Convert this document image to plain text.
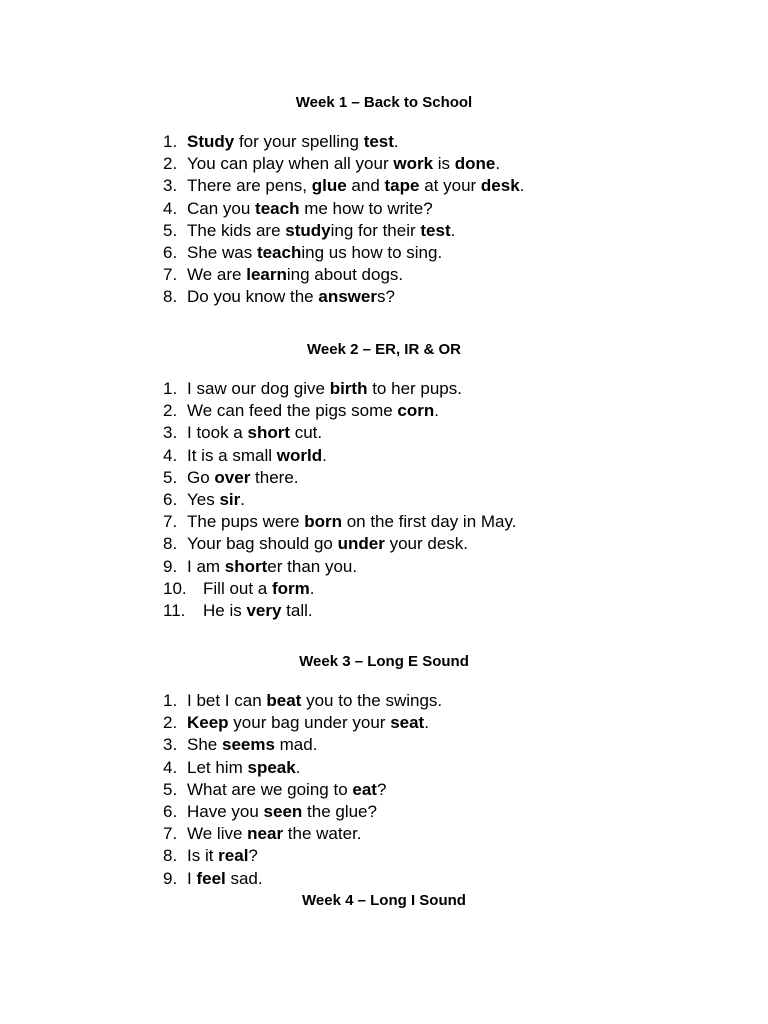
Week 1 – Back to School
1. Study for your spelling test.
2. You can play when all your work is done.
3. There are pens, glue and tape at your desk.
4. Can you teach me how to write?
5. The kids are studying for their test.
6. She was teaching us how to sing.
7. We are learning about dogs.
8. Do you know the answers?
Week 2 – ER, IR & OR
1. I saw our dog give birth to her pups.
2. We can feed the pigs some corn.
3. I took a short cut.
4. It is a small world.
5. Go over there.
6. Yes sir.
7. The pups were born on the first day in May.
8. Your bag should go under your desk.
9. I am shorter than you.
10. Fill out a form.
11.	He is very tall.
Week 3 – Long E Sound
1. I bet I can beat you to the swings.
2. Keep your bag under your seat.
3. She seems mad.
4. Let him speak.
5. What are we going to eat?
6. Have you seen the glue?
7. We live near the water.
8. Is it real?
9. I feel sad.
Week 4 – Long I Sound
